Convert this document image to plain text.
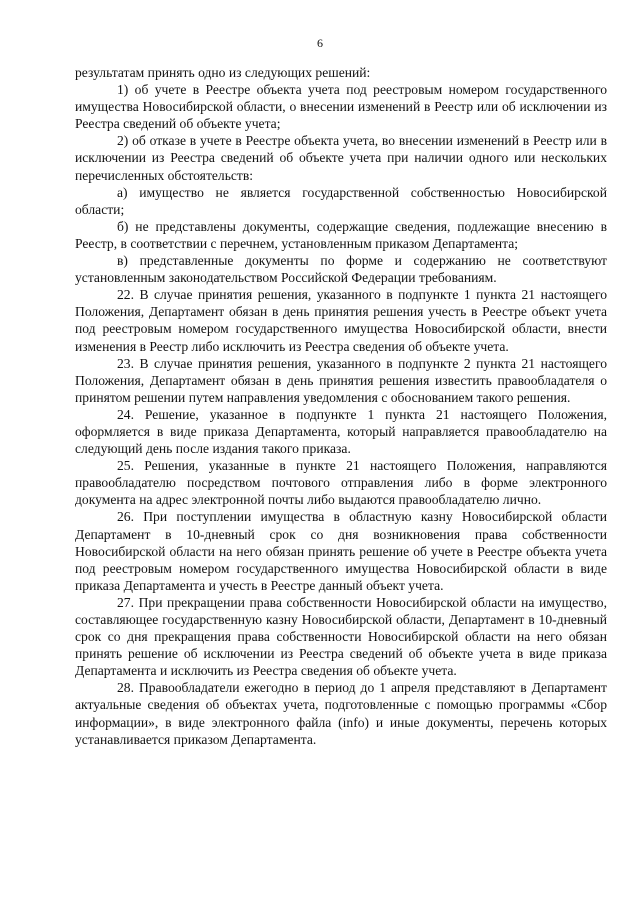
6

результатам принять одно из следующих решений:

1) об учете в Реестре объекта учета под реестровым номером государственного имущества Новосибирской области, о внесении изменений в Реестр или об исключении из Реестра сведений об объекте учета;

2) об отказе в учете в Реестре объекта учета, во внесении изменений в Реестр или в исключении из Реестра сведений об объекте учета при наличии одного или нескольких перечисленных обстоятельств:

а) имущество не является государственной собственностью Новосибирской области;

б) не представлены документы, содержащие сведения, подлежащие внесению в Реестр, в соответствии с перечнем, установленным приказом Департамента;

в) представленные документы по форме и содержанию не соответствуют установленным законодательством Российской Федерации требованиям.

22. В случае принятия решения, указанного в подпункте 1 пункта 21 настоящего Положения, Департамент обязан в день принятия решения учесть в Реестре объект учета под реестровым номером государственного имущества Новосибирской области, внести изменения в Реестр либо исключить из Реестра сведения об объекте учета.

23. В случае принятия решения, указанного в подпункте 2 пункта 21 настоящего Положения, Департамент обязан в день принятия решения известить правообладателя о принятом решении путем направления уведомления с обоснованием такого решения.

24. Решение, указанное в подпункте 1 пункта 21 настоящего Положения, оформляется в виде приказа Департамента, который направляется правообладателю на следующий день после издания такого приказа.

25. Решения, указанные в пункте 21 настоящего Положения, направляются правообладателю посредством почтового отправления либо в форме электронного документа на адрес электронной почты либо выдаются правообладателю лично.

26. При поступлении имущества в областную казну Новосибирской области Департамент в 10-дневный срок со дня возникновения права собственности Новосибирской области на него обязан принять решение об учете в Реестре объекта учета под реестровым номером государственного имущества Новосибирской области в виде приказа Департамента и учесть в Реестре данный объект учета.

27. При прекращении права собственности Новосибирской области на имущество, составляющее государственную казну Новосибирской области, Департамент в 10-дневный срок со дня прекращения права собственности Новосибирской области на него обязан принять решение об исключении из Реестра сведений об объекте учета в виде приказа Департамента и исключить из Реестра сведения об объекте учета.

28. Правообладатели ежегодно в период до 1 апреля представляют в Департамент актуальные сведения об объектах учета, подготовленные с помощью программы «Сбор информации», в виде электронного файла (info) и иные документы, перечень которых устанавливается приказом Департамента.
